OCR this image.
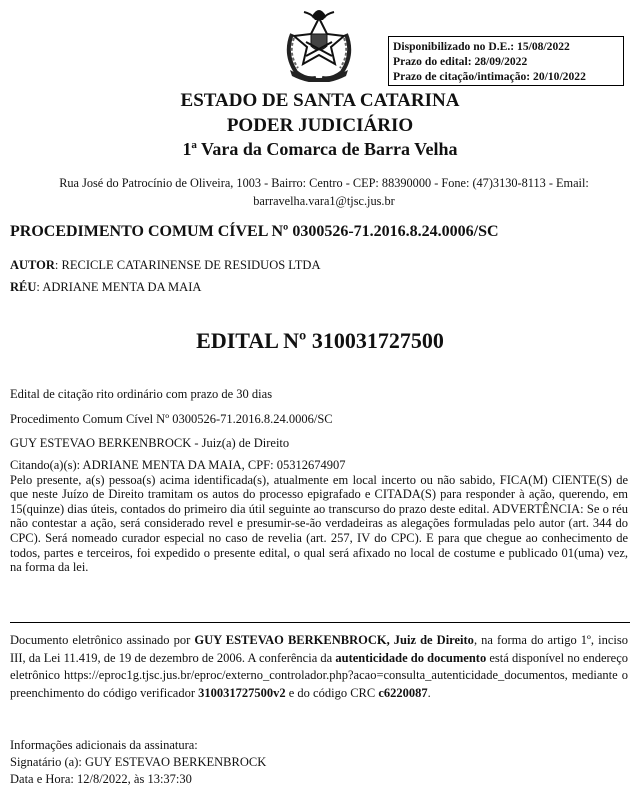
Disponibilizado no D.E.: 15/08/2022
Prazo do edital: 28/09/2022
Prazo de citação/intimação: 20/10/2022
ESTADO DE SANTA CATARINA
PODER JUDICIÁRIO
1ª Vara da Comarca de Barra Velha
Rua José do Patrocínio de Oliveira, 1003 - Bairro: Centro - CEP: 88390000 - Fone: (47)3130-8113 - Email:
barravelha.vara1@tjsc.jus.br
PROCEDIMENTO COMUM CÍVEL Nº 0300526-71.2016.8.24.0006/SC
AUTOR: RECICLE CATARINENSE DE RESIDUOS LTDA
RÉU: ADRIANE MENTA DA MAIA
EDITAL Nº 310031727500
Edital de citação rito ordinário com prazo de 30 dias
Procedimento Comum Cível Nº 0300526-71.2016.8.24.0006/SC
GUY ESTEVAO BERKENBROCK - Juiz(a) de Direito
Citando(a)(s): ADRIANE MENTA DA MAIA, CPF: 05312674907
Pelo presente, a(s) pessoa(s) acima identificada(s), atualmente em local incerto ou não sabido, FICA(M) CIENTE(S) de que neste Juízo de Direito tramitam os autos do processo epigrafado e CITADA(S) para responder à ação, querendo, em 15(quinze) dias úteis, contados do primeiro dia útil seguinte ao transcurso do prazo deste edital. ADVERTÊNCIA: Se o réu não contestar a ação, será considerado revel e presumir-se-ão verdadeiras as alegações formuladas pelo autor (art. 344 do CPC). Será nomeado curador especial no caso de revelia (art. 257, IV do CPC). E para que chegue ao conhecimento de todos, partes e terceiros, foi expedido o presente edital, o qual será afixado no local de costume e publicado 01(uma) vez, na forma da lei.
Documento eletrônico assinado por GUY ESTEVAO BERKENBROCK, Juiz de Direito, na forma do artigo 1º, inciso III, da Lei 11.419, de 19 de dezembro de 2006. A conferência da autenticidade do documento está disponível no endereço eletrônico https://eproc1g.tjsc.jus.br/eproc/externo_controlador.php?acao=consulta_autenticidade_documentos, mediante o preenchimento do código verificador 310031727500v2 e do código CRC c6220087.
Informações adicionais da assinatura:
Signatário (a): GUY ESTEVAO BERKENBROCK
Data e Hora: 12/8/2022, às 13:37:30
